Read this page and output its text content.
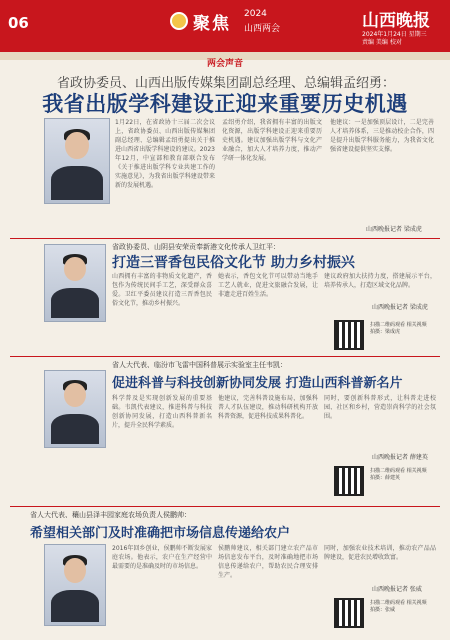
06	聚焦 2024
山西两会	山西晚报
2024年1月24日 星期三
责编 美编 校对
两会声音
省政协委员、山西出版传媒集团副总经理、总编辑孟绍勇：
我省出版学科建设正迎来重要历史机遇
1月22日，在省政协十三届二次会议上，省政协委员、山西出版传媒集团副总经理、总编辑孟绍勇提出关于推进山西省出版学科建设的建议。2023年12月，中宣部和教育部联合发布《关于推进出版学科专业共建工作的实施意见》，为我省出版学科建设带来新的发展机遇。
孟绍勇介绍，我省拥有丰富的出版文化资源，出版学科建设正迎来重要历史机遇。建议加强出版学科与文化产业融合，加大人才培养力度，推动产学研一体化发展。
他建议：一是加强顶层设计，二是完善人才培养体系，三是推动校企合作，四是提升出版学科服务能力，为我省文化强省建设提供坚实支撑。
山西晚报记者 梁成虎
省政协委员、山阴县安荣贡奉新港文化传承人卫红平：
打造三晋香包民俗文化节 助力乡村振兴
山西拥有丰富的非物质文化遗产，香包作为传统民间手工艺，深受群众喜爱。卫红平委员建议打造三晋香包民俗文化节，推动乡村振兴。
她表示，香包文化节可以带动当地手工艺人就业，促进文旅融合发展，让非遗走进百姓生活。
建议政府加大扶持力度，搭建展示平台，培养传承人，打造区域文化品牌。
山西晚报记者 梁成虎
扫描二维码观看 相关视频 拍摄：梁成虎
省人大代表、临汾市飞雷中国科普展示实验室主任韦凯：
促进科普与科技创新协同发展 打造山西科普新名片
科学普及是实现创新发展的重要基础。韦凯代表建议，推进科普与科技创新协同发展，打造山西科普新名片，提升全民科学素质。
他建议，完善科普设施布局，加强科普人才队伍建设，推动科研机构开放科普资源，促进科技成果科普化。
同时，要创新科普形式，让科普走进校园、社区和乡村，营造崇尚科学的社会氛围。
山西晚报记者 薛建英
扫描二维码观看 相关视频 拍摄：薛建英
省人大代表、穰山县泽丰园家庭农场负责人侯鹏帅：
希望相关部门及时准确把市场信息传递给农户
2016年回乡创业，侯鹏帅不断发展家庭农场。他表示，农户在生产经营中最需要的是准确及时的市场信息。
侯鹏帅建议，相关部门建立农产品市场信息发布平台，及时准确地把市场信息传递给农户，帮助农民合理安排生产。
同时，加强农业技术培训，推动农产品品牌建设，促进农民增收致富。
山西晚报记者 张威
扫描二维码观看 相关视频 拍摄：张威
